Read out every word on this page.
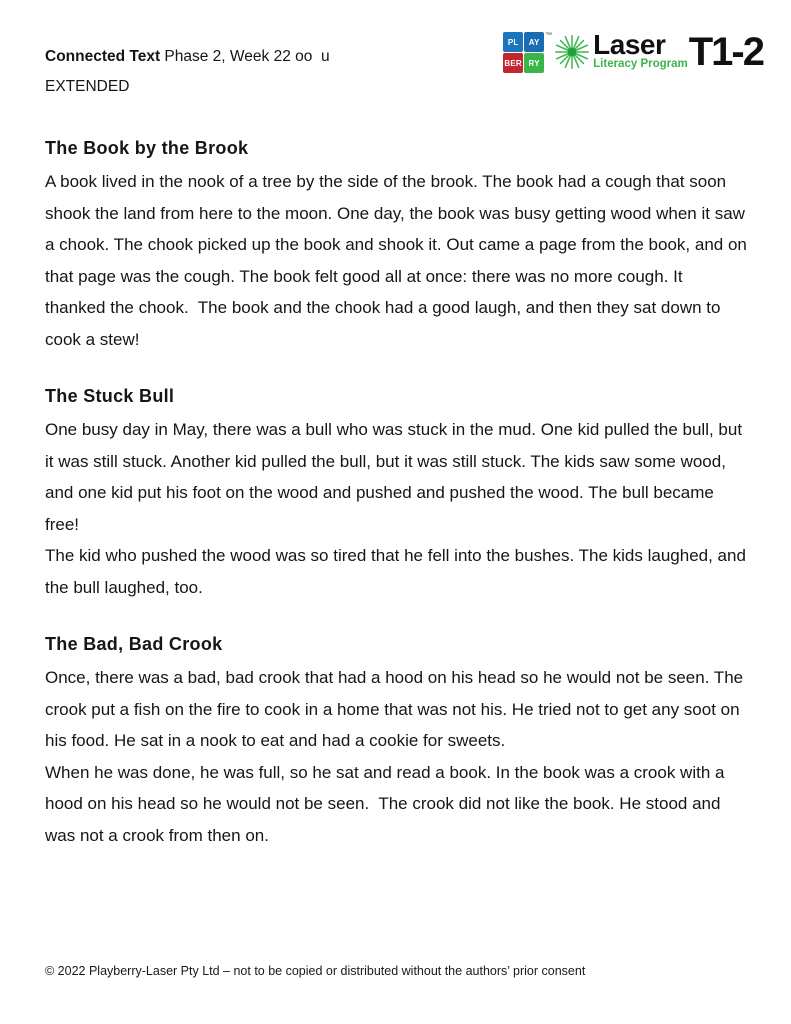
Connected Text Phase 2, Week 22 oo  u
EXTENDED
PL	AY
BER RY
™ Laser
Literacy Program T1-2
The Book by the Brook

A book lived in the nook of a tree by the side of the brook. The book had a cough that soon shook the land from here to the moon. One day, the book was busy getting wood when it saw a chook. The chook picked up the book and shook it. Out came a page from the book, and on that page was the cough. The book felt good all at once: there was no more cough. It thanked the chook.  The book and the chook had a good laugh, and then they sat down to cook a stew!

The Stuck Bull

One busy day in May, there was a bull who was stuck in the mud. One kid pulled the bull, but it was still stuck. Another kid pulled the bull, but it was still stuck. The kids saw some wood, and one kid put his foot on the wood and pushed and pushed the wood. The bull became free!

The kid who pushed the wood was so tired that he fell into the bushes. The kids laughed, and the bull laughed, too.

The Bad, Bad Crook

Once, there was a bad, bad crook that had a hood on his head so he would not be seen. The crook put a fish on the fire to cook in a home that was not his. He tried not to get any soot on his food. He sat in a nook to eat and had a cookie for sweets.

When he was done, he was full, so he sat and read a book. In the book was a crook with a hood on his head so he would not be seen.  The crook did not like the book. He stood and was not a crook from then on.

© 2022 Playberry-Laser Pty Ltd – not to be copied or distributed without the authors’ prior consent
